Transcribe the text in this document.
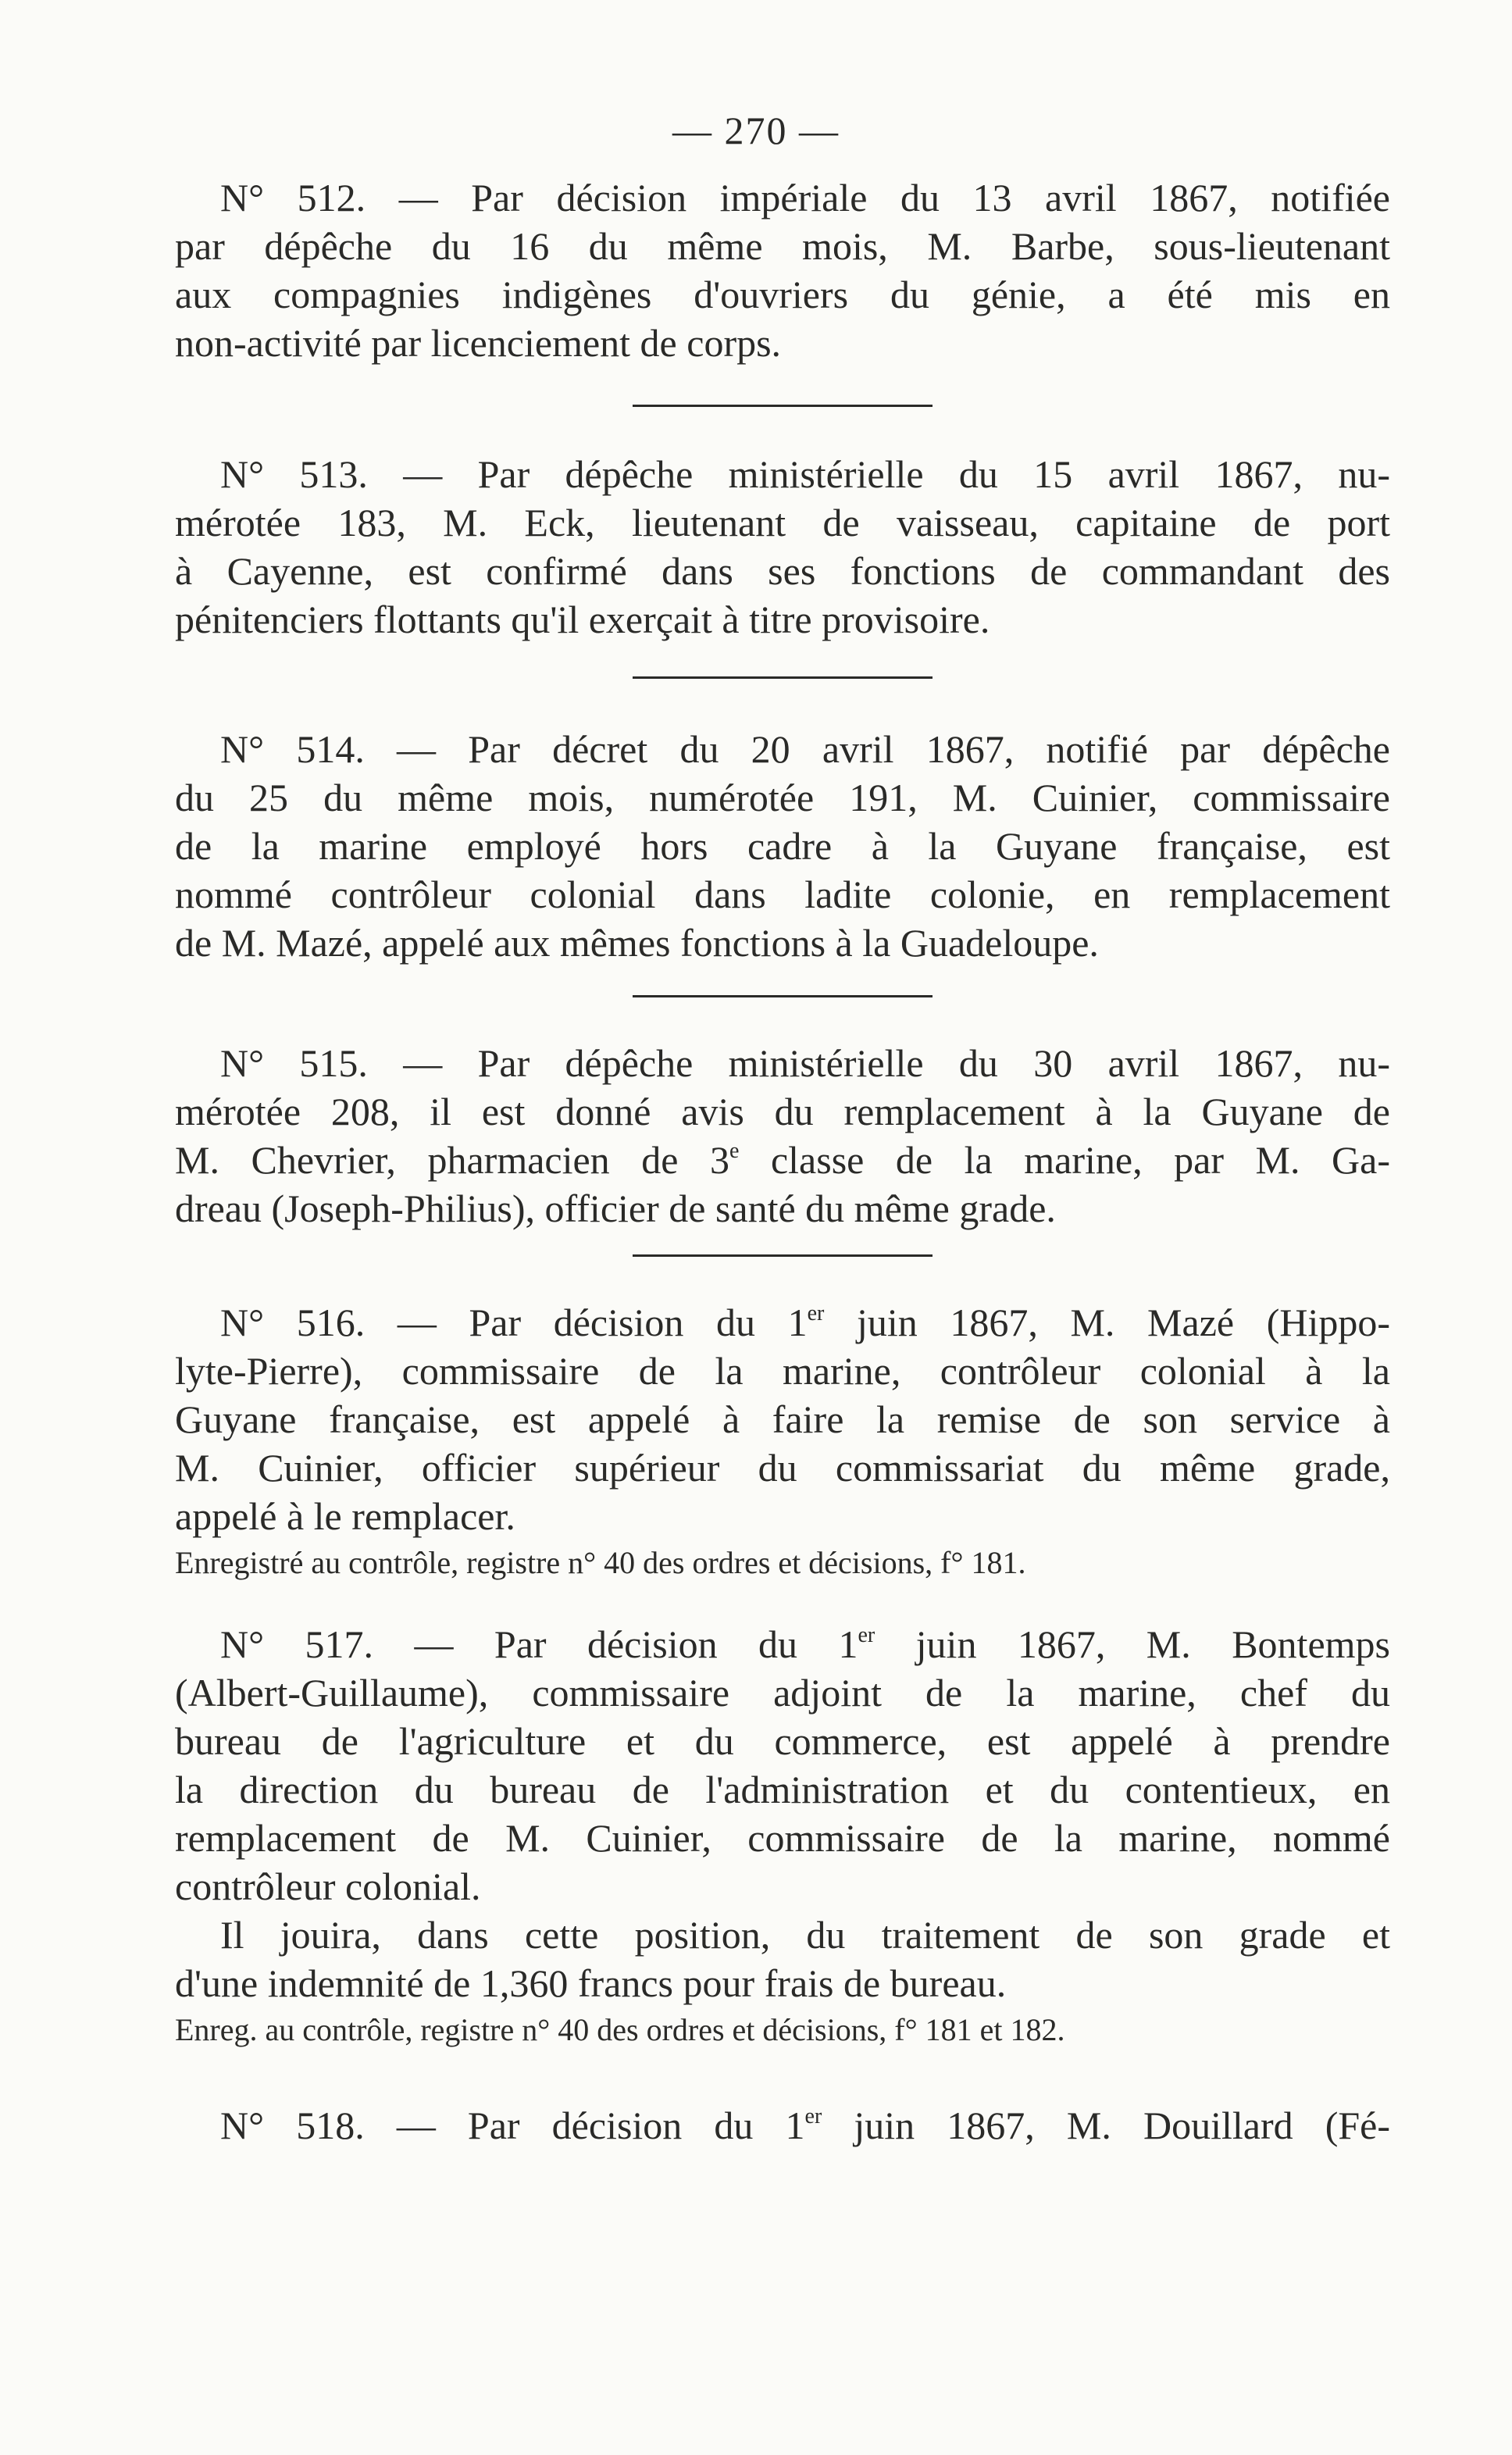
— 270 —
N° 512. — Par décision impériale du 13 avril 1867, notifiée
par dépêche du 16 du même mois, M. Barbe, sous-lieutenant
aux compagnies indigènes d'ouvriers du génie, a été mis en
non-activité par licenciement de corps.
N° 513. — Par dépêche ministérielle du 15 avril 1867, nu-
mérotée 183, M. Eck, lieutenant de vaisseau, capitaine de port
à Cayenne, est confirmé dans ses fonctions de commandant des
pénitenciers flottants qu'il exerçait à titre provisoire.
N° 514. — Par décret du 20 avril 1867, notifié par dépêche
du 25 du même mois, numérotée 191, M. Cuinier, commissaire
de la marine employé hors cadre à la Guyane française, est
nommé contrôleur colonial dans ladite colonie, en remplacement
de M. Mazé, appelé aux mêmes fonctions à la Guadeloupe.
N° 515. — Par dépêche ministérielle du 30 avril 1867, nu-
mérotée 208, il est donné avis du remplacement à la Guyane de
M. Chevrier, pharmacien de 3e classe de la marine, par M. Ga-
dreau (Joseph-Philius), officier de santé du même grade.
N° 516. — Par décision du 1er juin 1867, M. Mazé (Hippo-
lyte-Pierre), commissaire de la marine, contrôleur colonial à la
Guyane française, est appelé à faire la remise de son service à
M. Cuinier, officier supérieur du commissariat du même grade,
appelé à le remplacer.
Enregistré au contrôle, registre n° 40 des ordres et décisions, f° 181.
N° 517. — Par décision du 1er juin 1867, M. Bontemps
(Albert-Guillaume), commissaire adjoint de la marine, chef du
bureau de l'agriculture et du commerce, est appelé à prendre
la direction du bureau de l'administration et du contentieux, en
remplacement de M. Cuinier, commissaire de la marine, nommé
contrôleur colonial.
Il jouira, dans cette position, du traitement de son grade et
d'une indemnité de 1,360 francs pour frais de bureau.
Enreg. au contrôle, registre n° 40 des ordres et décisions, f° 181 et 182.
N° 518. — Par décision du 1er juin 1867, M. Douillard (Fé-
